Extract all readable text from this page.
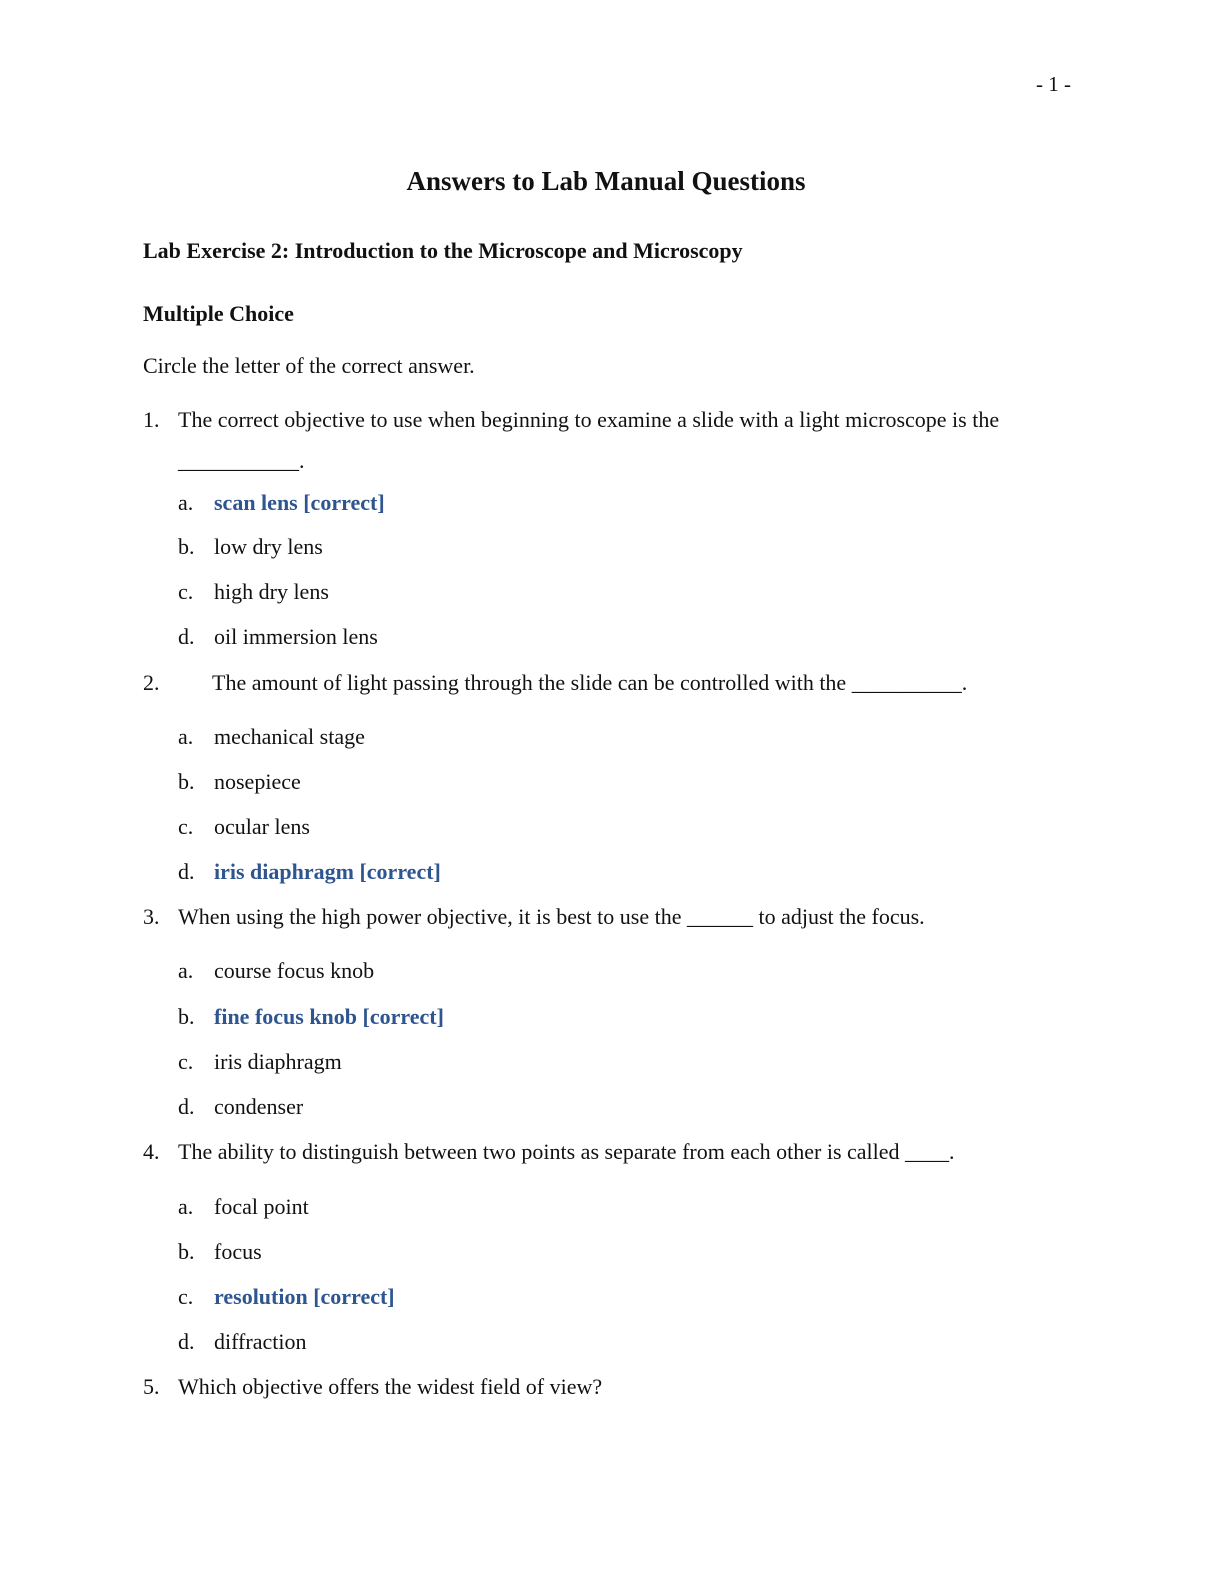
- 1 -
Answers to Lab Manual Questions
Lab Exercise 2: Introduction to the Microscope and Microscopy
Multiple Choice
Circle the letter of the correct answer.
1. The correct objective to use when beginning to examine a slide with a light microscope is the
___________.
a. scan lens [correct]
b. low dry lens
c. high dry lens
d. oil immersion lens
2. The amount of light passing through the slide can be controlled with the __________.
a. mechanical stage
b. nosepiece
c. ocular lens
d. iris diaphragm [correct]
3. When using the high power objective, it is best to use the ______ to adjust the focus.
a. course focus knob
b. fine focus knob [correct]
c. iris diaphragm
d. condenser
4. The ability to distinguish between two points as separate from each other is called ____.
a. focal point
b. focus
c. resolution [correct]
d. diffraction
5. Which objective offers the widest field of view?
